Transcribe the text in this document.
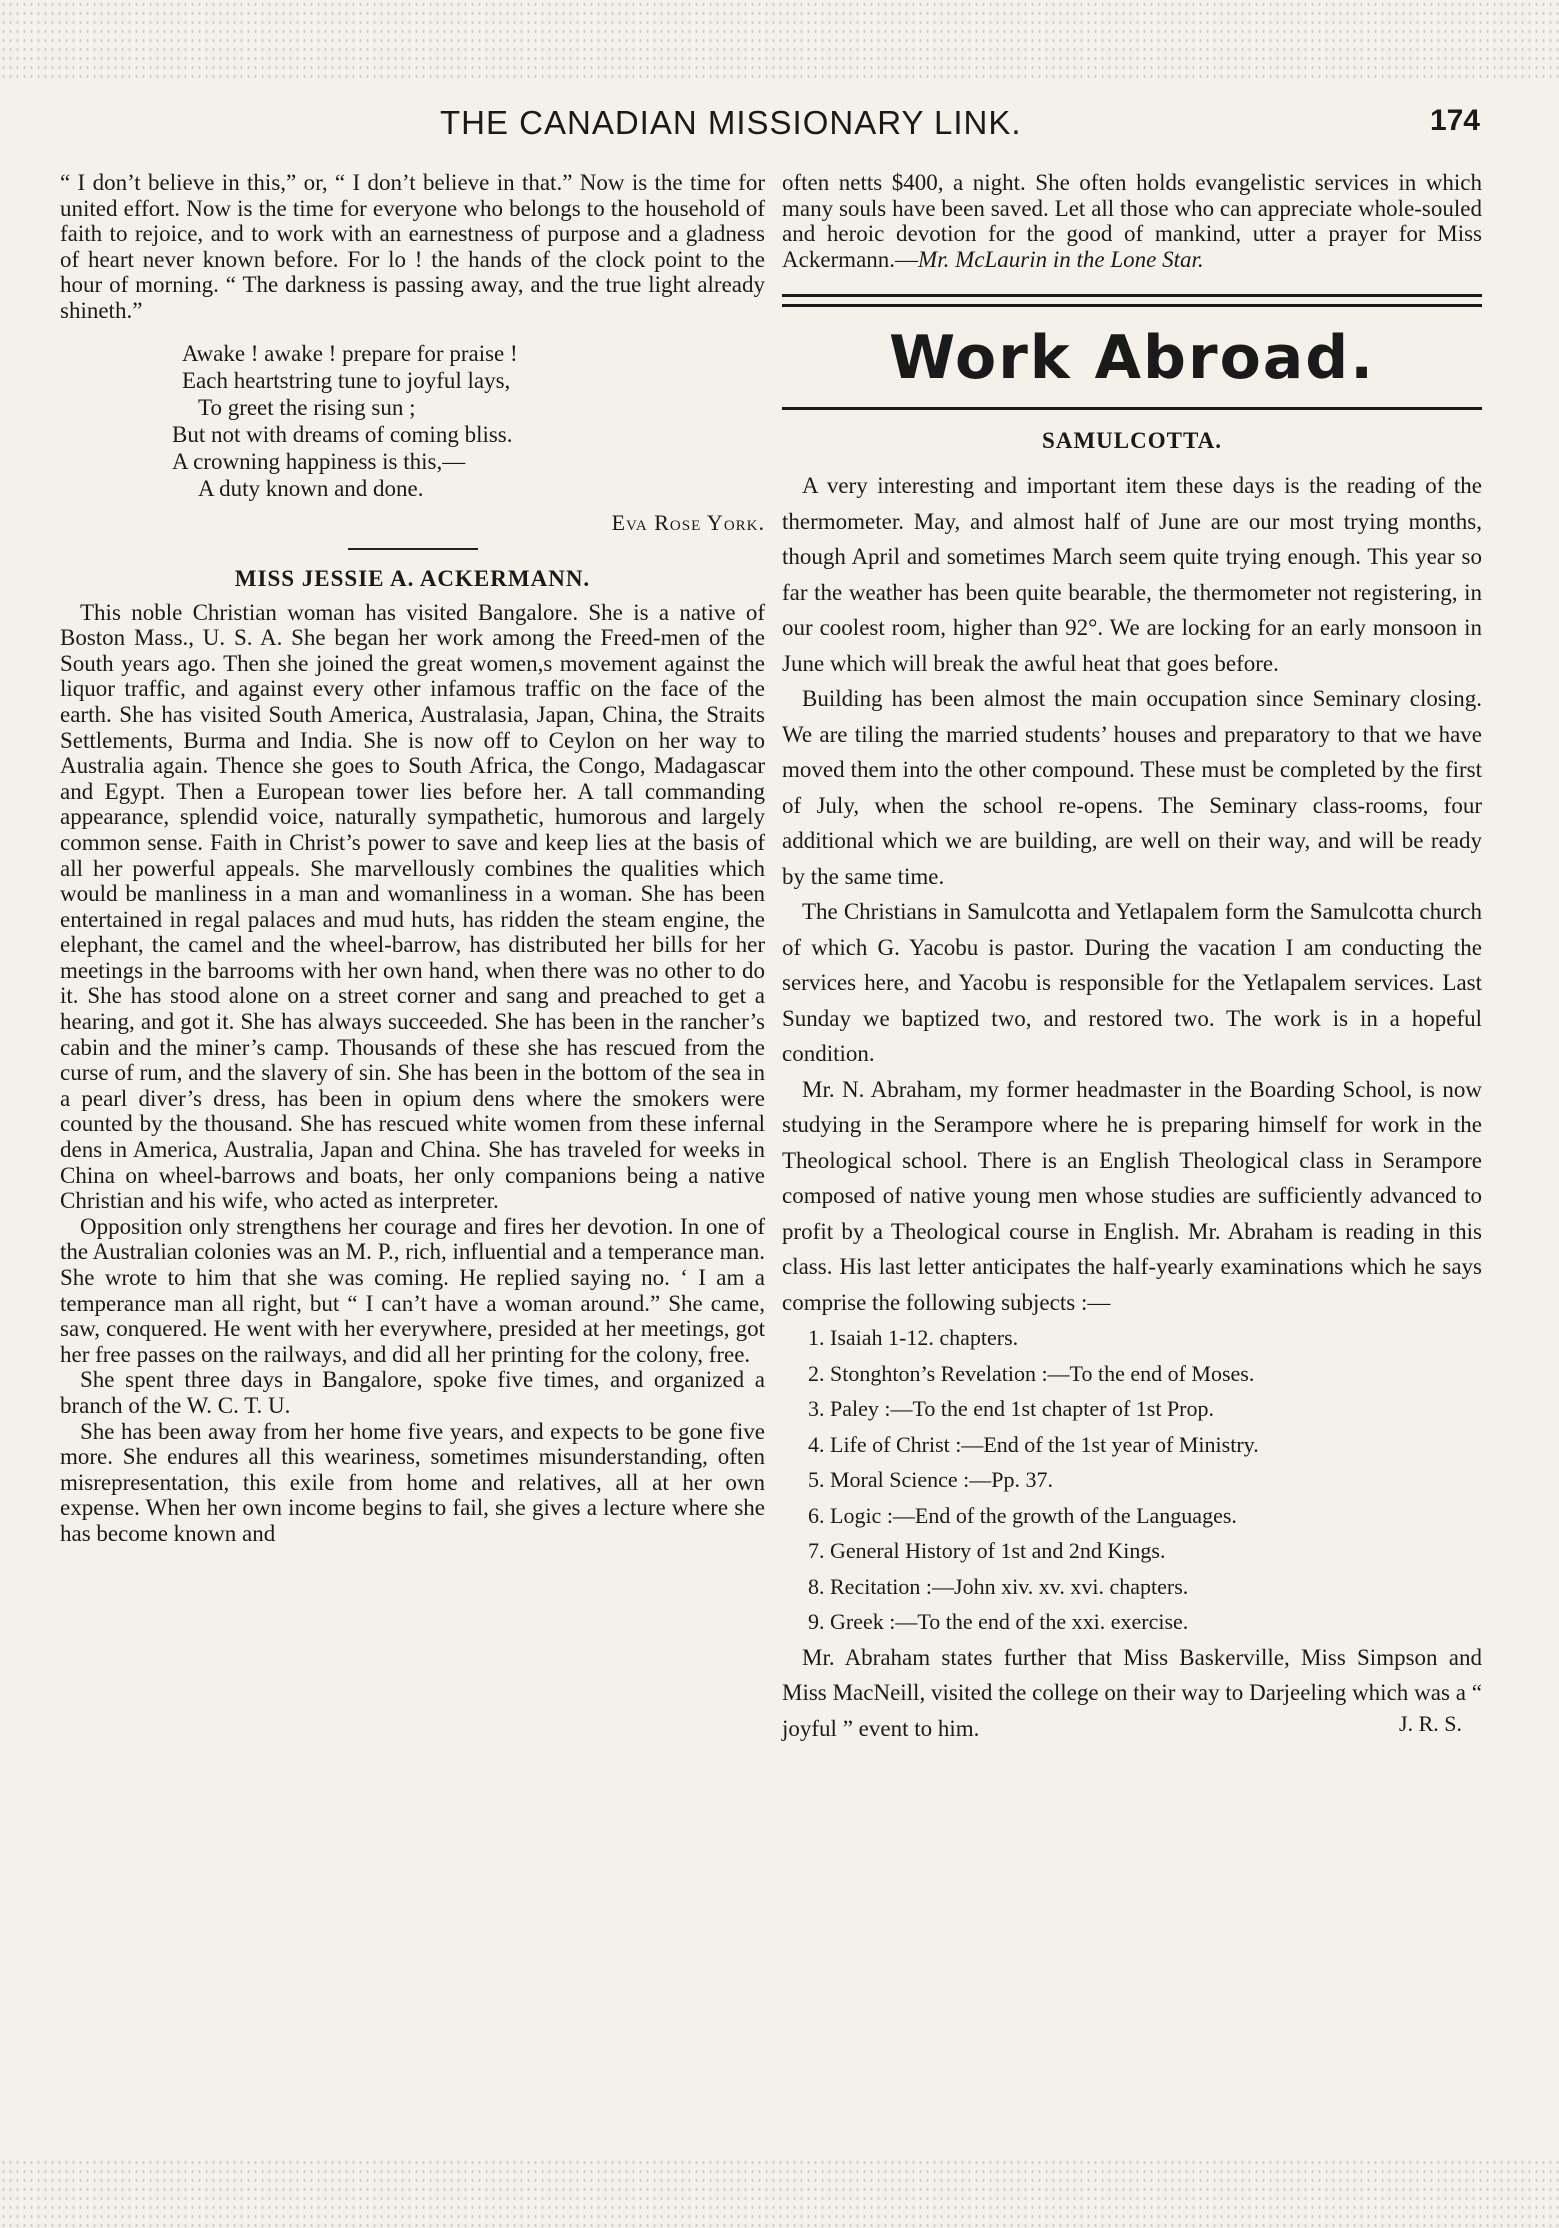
THE CANADIAN MISSIONARY LINK.	174

“ I don’t believe in this,” or, “ I don’t believe in that.” Now is the time for united effort. Now is the time for everyone who belongs to the household of faith to rejoice, and to work with an earnestness of purpose and a gladness of heart never known before. For lo ! the hands of the clock point to the hour of morning. “ The darkness is passing away, and the true light already shineth.”

Awake ! awake ! prepare for praise !
Each heartstring tune to joyful lays,
To greet the rising sun ;
But not with dreams of coming bliss.
A crowning happiness is this,—
A duty known and done.
Eva Rose York.
MISS JESSIE A. ACKERMANN.

This noble Christian woman has visited Bangalore. She is a native of Boston Mass., U. S. A. She began her work among the Freed-men of the South years ago. Then she joined the great women,s movement against the liquor traffic, and against every other infamous traffic on the face of the earth. She has visited South America, Australasia, Japan, China, the Straits Settlements, Burma and India. She is now off to Ceylon on her way to Australia again. Thence she goes to South Africa, the Congo, Madagascar and Egypt. Then a European tower lies before her. A tall commanding appearance, splendid voice, naturally sympathetic, humorous and largely common sense. Faith in Christ’s power to save and keep lies at the basis of all her powerful appeals. She marvellously combines the qualities which would be manliness in a man and womanliness in a woman. She has been entertained in regal palaces and mud huts, has ridden the steam engine, the elephant, the camel and the wheel-barrow, has distributed her bills for her meetings in the barrooms with her own hand, when there was no other to do it. She has stood alone on a street corner and sang and preached to get a hearing, and got it. She has always succeeded. She has been in the rancher’s cabin and the miner’s camp. Thousands of these she has rescued from the curse of rum, and the slavery of sin. She has been in the bottom of the sea in a pearl diver’s dress, has been in opium dens where the smokers were counted by the thousand. She has rescued white women from these infernal dens in America, Australia, Japan and China. She has traveled for weeks in China on wheel-barrows and boats, her only companions being a native Christian and his wife, who acted as interpreter.

Opposition only strengthens her courage and fires her devotion. In one of the Australian colonies was an M. P., rich, influential and a temperance man. She wrote to him that she was coming. He replied saying no. ‘ I am a temperance man all right, but “ I can’t have a woman around.” She came, saw, conquered. He went with her everywhere, presided at her meetings, got her free passes on the railways, and did all her printing for the colony, free.

She spent three days in Bangalore, spoke five times, and organized a branch of the W. C. T. U.

She has been away from her home five years, and expects to be gone five more. She endures all this weariness, sometimes misunderstanding, often misrepresentation, this exile from home and relatives, all at her own expense. When her own income begins to fail, she gives a lecture where she has become known and

often netts $400, a night. She often holds evangelistic services in which many souls have been saved. Let all those who can appreciate whole-souled and heroic devotion for the good of mankind, utter a prayer for Miss Ackermann.—Mr. McLaurin in the Lone Star.

Work Abroad.
SAMULCOTTA.

A very interesting and important item these days is the reading of the thermometer. May, and almost half of June are our most trying months, though April and sometimes March seem quite trying enough. This year so far the weather has been quite bearable, the thermometer not registering, in our coolest room, higher than 92°. We are locking for an early monsoon in June which will break the awful heat that goes before.

Building has been almost the main occupation since Seminary closing. We are tiling the married students’ houses and preparatory to that we have moved them into the other compound. These must be completed by the first of July, when the school re-opens. The Seminary class-rooms, four additional which we are building, are well on their way, and will be ready by the same time.

The Christians in Samulcotta and Yetlapalem form the Samulcotta church of which G. Yacobu is pastor. During the vacation I am conducting the services here, and Yacobu is responsible for the Yetlapalem services. Last Sunday we baptized two, and restored two. The work is in a hopeful condition.

Mr. N. Abraham, my former headmaster in the Boarding School, is now studying in the Serampore where he is preparing himself for work in the Theological school. There is an English Theological class in Serampore composed of native young men whose studies are sufficiently advanced to profit by a Theological course in English. Mr. Abraham is reading in this class. His last letter anticipates the half-yearly examinations which he says comprise the following subjects :—

1. Isaiah 1-12. chapters.
2. Stonghton’s Revelation :—To the end of Moses.
3. Paley :—To the end 1st chapter of 1st Prop.
4. Life of Christ :—End of the 1st year of Ministry.
5. Moral Science :—Pp. 37.
6. Logic :—End of the growth of the Languages.
7. General History of 1st and 2nd Kings.
8. Recitation :—John xiv. xv. xvi. chapters.
9. Greek :—To the end of the xxi. exercise.

Mr. Abraham states further that Miss Baskerville, Miss Simpson and Miss MacNeill, visited the college on their way to Darjeeling which was a “ joyful ” event to him.	J. R. S.
